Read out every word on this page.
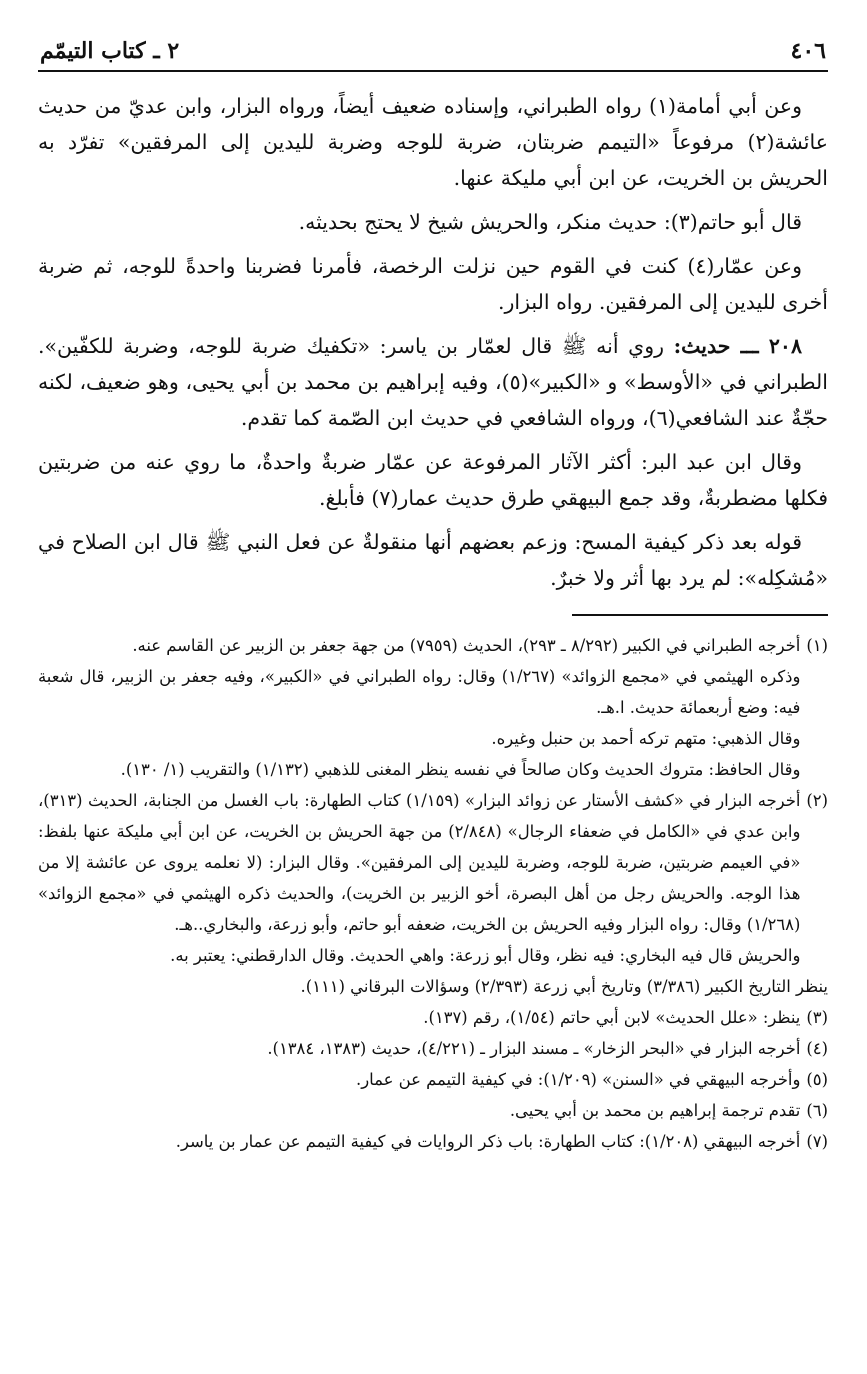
٤٠٦
٢ ـ كتاب التيمّم

وعن أبي أمامة(١) رواه الطبراني، وإسناده ضعيف أيضاً، ورواه البزار، وابن عديّ من حديث عائشة(٢) مرفوعاً «التيمم ضربتان، ضربة للوجه وضربة لليدين إلى المرفقين» تفرّد به الحريش بن الخريت، عن ابن أبي مليكة عنها.

قال أبو حاتم(٣): حديث منكر، والحريش شيخ لا يحتج بحديثه.

وعن عمّار(٤) كنت في القوم حين نزلت الرخصة، فأمرنا فضربنا واحدةً للوجه، ثم ضربة أخرى لليدين إلى المرفقين. رواه البزار.

٢٠٨ ـــ حديث: روي أنه ﷺ قال لعمّار بن ياسر: «تكفيك ضربة للوجه، وضربة للكفّين». الطبراني في «الأوسط» و «الكبير»(٥)، وفيه إبراهيم بن محمد بن أبي يحيى، وهو ضعيف، لكنه حجّةٌ عند الشافعي(٦)، ورواه الشافعي في حديث ابن الصّمة كما تقدم.

وقال ابن عبد البر: أكثر الآثار المرفوعة عن عمّار ضربةٌ واحدةٌ، ما روي عنه من ضربتين فكلها مضطربةٌ، وقد جمع البيهقي طرق حديث عمار(٧) فأبلغ.

قوله بعد ذكر كيفية المسح: وزعم بعضهم أنها منقولةٌ عن فعل النبي ﷺ قال ابن الصلاح في «مُشكِله»: لم يرد بها أثر ولا خبرٌ.

(١)
أخرجه الطبراني في الكبير (٨/٢٩٢ ـ ٢٩٣)، الحديث (٧٩٥٩) من جهة جعفر بن الزبير عن القاسم عنه.
وذكره الهيثمي في «مجمع الزوائد» (١/٢٦٧) وقال: رواه الطبراني في «الكبير»، وفيه جعفر بن الزبير، قال شعبة فيه: وضع أربعمائة حديث. ا.هـ.
وقال الذهبي: متهم تركه أحمد بن حنبل وغيره.
وقال الحافظ: متروك الحديث وكان صالحاً في نفسه ينظر المغنى للذهبي (١/١٣٢) والتقريب (١/ ١٣٠).
(٢)
أخرجه البزار في «كشف الأستار عن زوائد البزار» (١/١٥٩) كتاب الطهارة: باب الغسل من الجنابة، الحديث (٣١٣)، وابن عدي في «الكامل في ضعفاء الرجال» (٢/٨٤٨) من جهة الحريش بن الخريت، عن ابن أبي مليكة عنها بلفظ: «في العيمم ضربتين، ضربة للوجه، وضربة لليدين إلى المرفقين». وقال البزار: (لا نعلمه يروى عن عائشة إلا من هذا الوجه. والحريش رجل من أهل البصرة، أخو الزبير بن الخريت)، والحديث ذكره الهيثمي في «مجمع الزوائد» (١/٢٦٨) وقال: رواه البزار وفيه الحريش بن الخريت، ضعفه أبو حاتم، وأبو زرعة، والبخاري..هـ.
والحريش قال فيه البخاري: فيه نظر، وقال أبو زرعة: واهي الحديث. وقال الدارقطني: يعتبر به.

ينظر التاريخ الكبير (٣/٣٨٦) وتاريخ أبي زرعة (٢/٣٩٣) وسؤالات البرقاني (١١١).

(٣)
ينظر: «علل الحديث» لابن أبي حاتم (١/٥٤)، رقم (١٣٧).
(٤)
أخرجه البزار في «البحر الزخار» ـ مسند البزار ـ (٤/٢٢١)، حديث (١٣٨٣، ١٣٨٤).
(٥)
وأخرجه البيهقي في «السنن» (١/٢٠٩): في كيفية التيمم عن عمار.
(٦)
تقدم ترجمة إبراهيم بن محمد بن أبي يحيى.
(٧)
أخرجه البيهقي (١/٢٠٨): كتاب الطهارة: باب ذكر الروايات في كيفية التيمم عن عمار بن ياسر.
